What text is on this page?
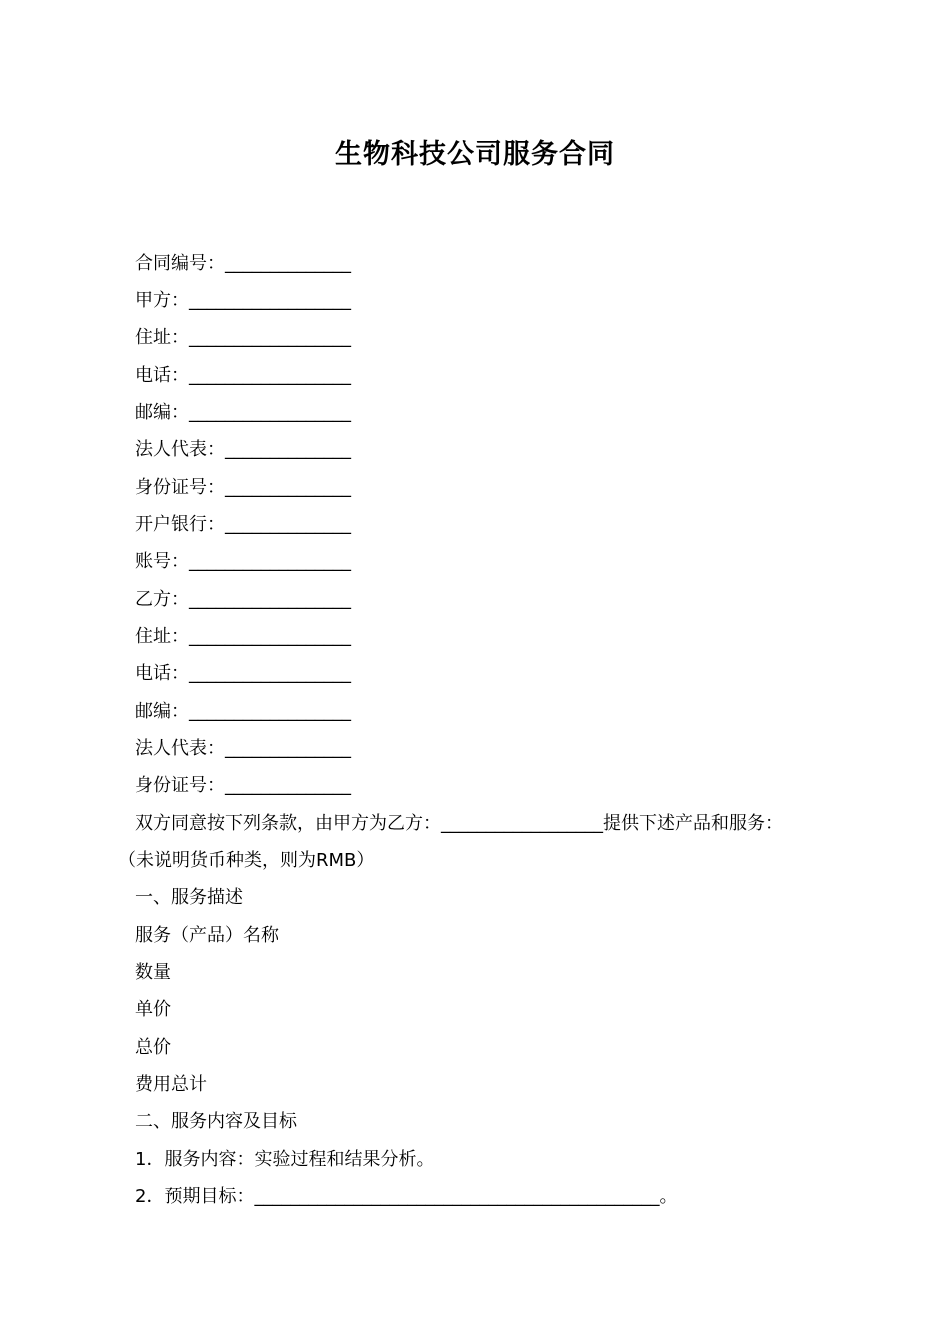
生物科技公司服务合同
合同编号：______________
甲方：__________________
住址：__________________
电话：__________________
邮编：__________________
法人代表：______________
身份证号：______________
开户银行：______________
账号：__________________
乙方：__________________
住址：__________________
电话：__________________
邮编：__________________
法人代表：______________
身份证号：______________
双方同意按下列条款，由甲方为乙方：__________________提供下述产品和服务：
（未说明货币种类，则为RMB）
一、服务描述
服务（产品）名称
数量
单价
总价
费用总计
二、服务内容及目标
1．服务内容：实验过程和结果分析。
2．预期目标：_____________________________________________。
